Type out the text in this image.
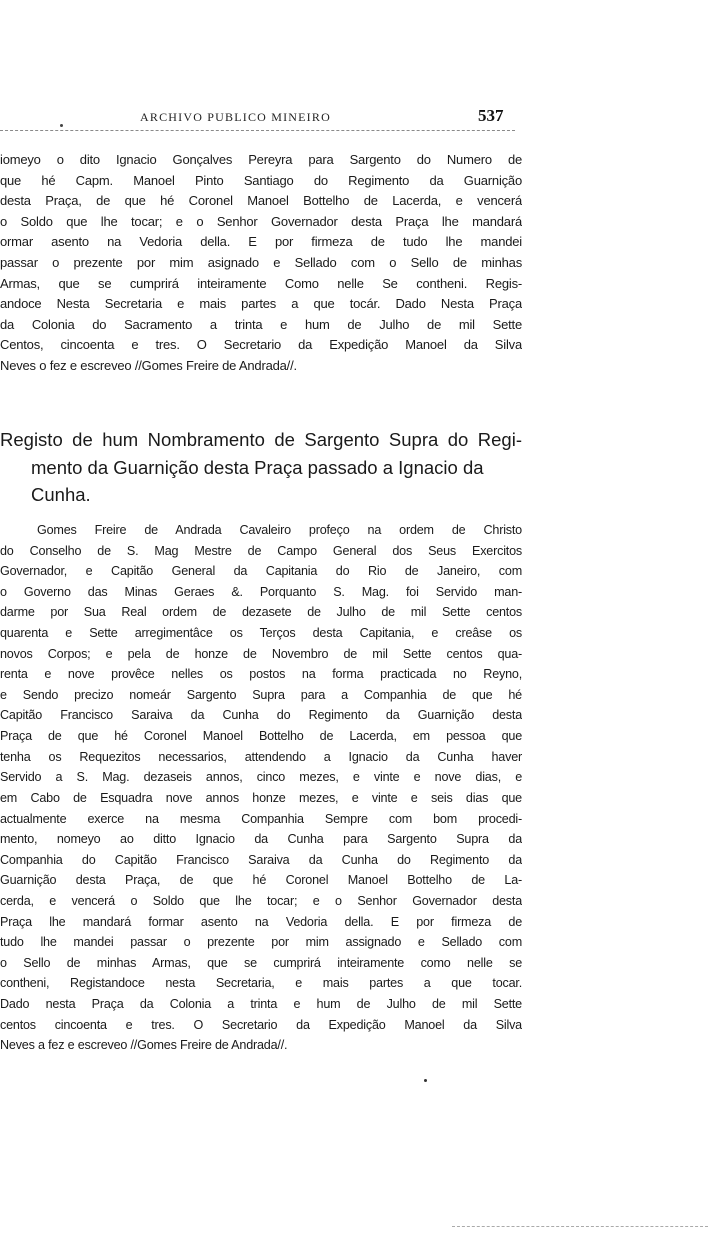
ARCHIVO PUBLICO MINEIRO	537
iomeyo o dito Ignacio Gonçalves Pereyra para Sargento do Numero de
que hé Capm. Manoel Pinto Santiago do Regimento da Guarnição
desta Praça, de que hé Coronel Manoel Bottelho de Lacerda, e vencerá
o Soldo que lhe tocar; e o Senhor Governador desta Praça lhe mandará
ormar asento na Vedoria della. E por firmeza de tudo lhe mandei
passar o prezente por mim asignado e Sellado com o Sello de minhas
Armas, que se cumprirá inteiramente Como nelle Se contheni. Regis-
andoce Nesta Secretaria e mais partes a que tocár. Dado Nesta Praça
da Colonia do Sacramento a trinta e hum de Julho de mil Sette
Centos, cincoenta e tres. O Secretario da Expedição Manoel da Silva
Neves o fez e escreveo //Gomes Freire de Andrada//.
Registo de hum Nombramento de Sargento Supra do Regi-
mento da Guarnição desta Praça passado a Ignacio da
Cunha.
Gomes Freire de Andrada Cavaleiro profeço na ordem de Christo
do Conselho de S. Mag Mestre de Campo General dos Seus Exercitos
Governador, e Capitão General da Capitania do Rio de Janeiro, com
o Governo das Minas Geraes &. Porquanto S. Mag. foi Servido man-
darme por Sua Real ordem de dezasete de Julho de mil Sette centos
quarenta e Sette arregimentâce os Terços desta Capitania, e creâse os
novos Corpos; e pela de honze de Novembro de mil Sette centos qua-
renta e nove provêce nelles os postos na forma practicada no Reyno,
e Sendo precizo nomeár Sargento Supra para a Companhia de que hé
Capitão Francisco Saraiva da Cunha do Regimento da Guarnição desta
Praça de que hé Coronel Manoel Bottelho de Lacerda, em pessoa que
tenha os Requezitos necessarios, attendendo a Ignacio da Cunha haver
Servido a S. Mag. dezaseis annos, cinco mezes, e vinte e nove dias, e
em Cabo de Esquadra nove annos honze mezes, e vinte e seis dias que
actualmente exerce na mesma Companhia Sempre com bom procedi-
mento, nomeyo ao ditto Ignacio da Cunha para Sargento Supra da
Companhia do Capitão Francisco Saraiva da Cunha do Regimento da
Guarnição desta Praça, de que hé Coronel Manoel Bottelho de La-
cerda, e vencerá o Soldo que lhe tocar; e o Senhor Governador desta
Praça lhe mandará formar asento na Vedoria della. E por firmeza de
tudo lhe mandei passar o prezente por mim assignado e Sellado com
o Sello de minhas Armas, que se cumprirá inteiramente como nelle se
contheni, Registandoce nesta Secretaria, e mais partes a que tocar.
Dado nesta Praça da Colonia a trinta e hum de Julho de mil Sette
centos cincoenta e tres. O Secretario da Expedição Manoel da Silva
Neves a fez e escreveo //Gomes Freire de Andrada//.
